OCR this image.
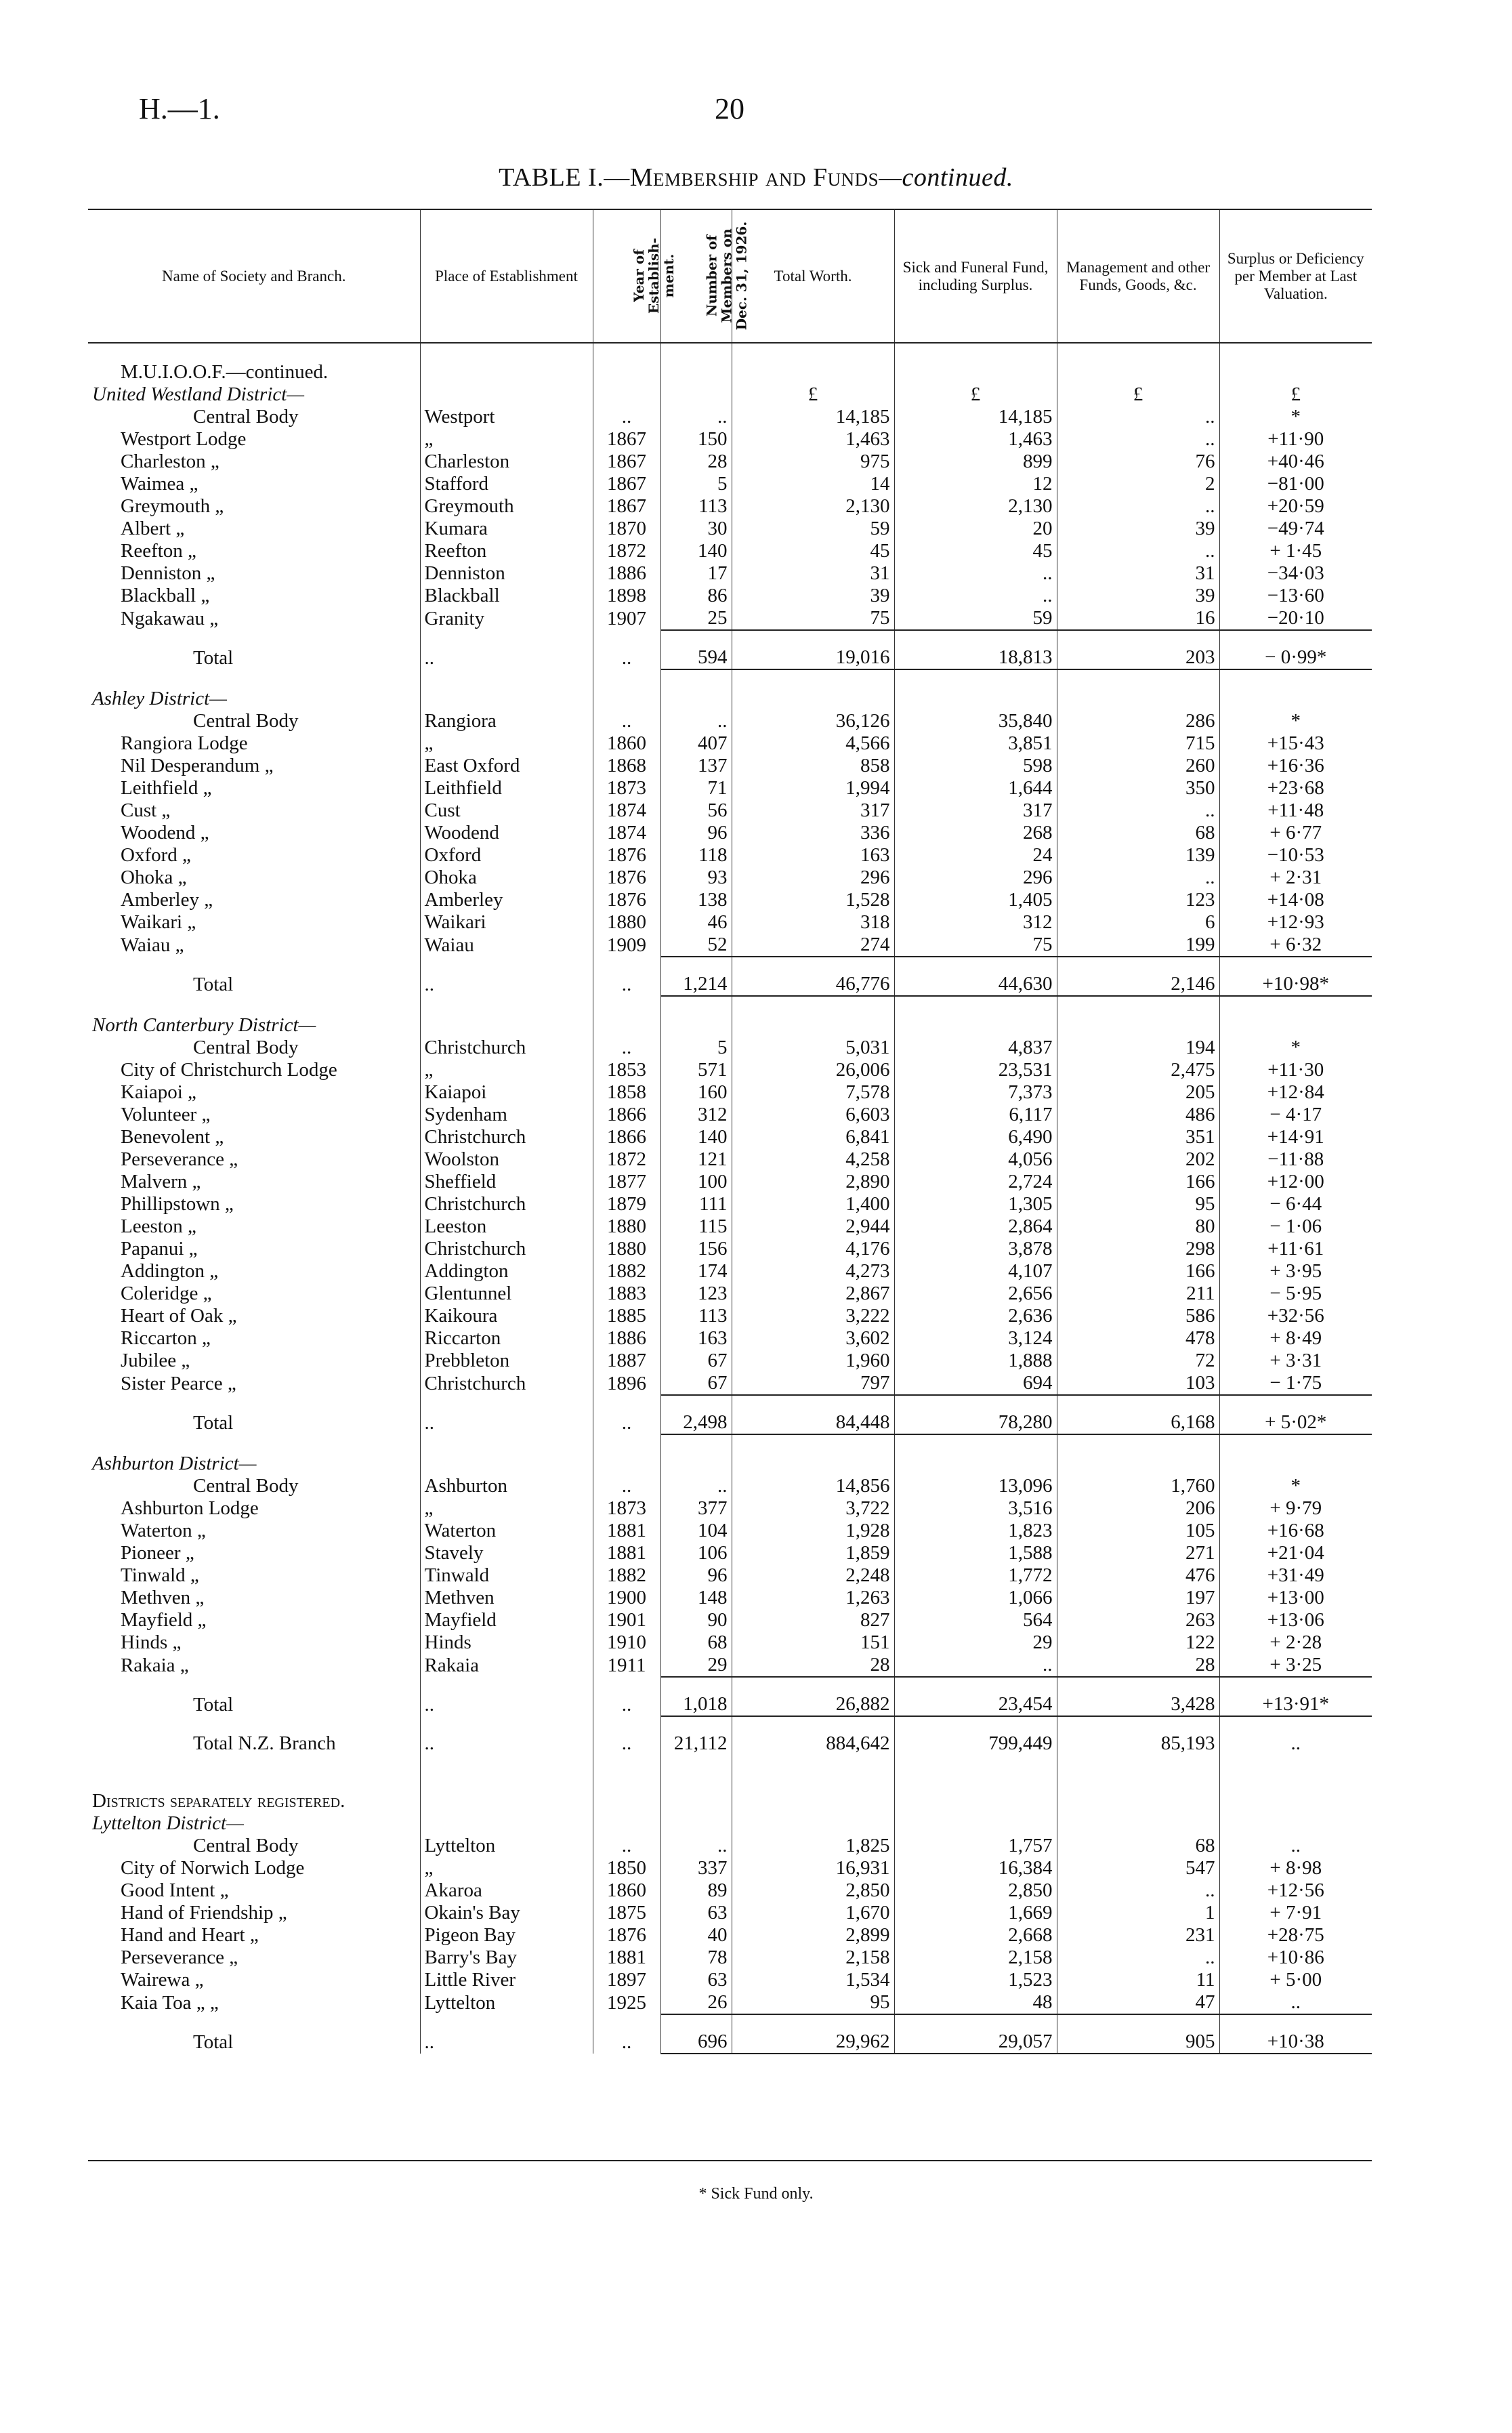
H.—1.	20
TABLE I.—Membership and Funds—continued.
Name of Society and Branch.	Place of Establishment	Year of Establish-ment.	Number of Members on Dec. 31, 1926.	Total Worth.	Sick and Funeral Fund, including Surplus.	Management and other Funds, Goods, &c.	Surplus or Deficiency per Member at Last Valuation.

M.U.I.O.O.F.—continued.							
United Westland District—				£	£	£	£
Central Body	Westport	..	..	14,185	14,185	..	*
Westport Lodge	„	1867	150	1,463	1,463	..	+11·90
Charleston „	Charleston	1867	28	975	899	76	+40·46
Waimea „	Stafford	1867	5	14	12	2	−81·00
Greymouth „	Greymouth	1867	113	2,130	2,130	..	+20·59
Albert „	Kumara	1870	30	59	20	39	−49·74
Reefton „	Reefton	1872	140	45	45	..	+ 1·45
Denniston „	Denniston	1886	17	31	..	31	−34·03
Blackball „	Blackball	1898	86	39	..	39	−13·60
Ngakawau „	Granity	1907	25	75	59	16	−20·10
Total	..	..	594	19,016	18,813	203	− 0·99*

Ashley District—							
Central Body	Rangiora	..	..	36,126	35,840	286	*
Rangiora Lodge	„	1860	407	4,566	3,851	715	+15·43
Nil Desperandum „	East Oxford	1868	137	858	598	260	+16·36
Leithfield „	Leithfield	1873	71	1,994	1,644	350	+23·68
Cust „	Cust	1874	56	317	317	..	+11·48
Woodend „	Woodend	1874	96	336	268	68	+ 6·77
Oxford „	Oxford	1876	118	163	24	139	−10·53
Ohoka „	Ohoka	1876	93	296	296	..	+ 2·31
Amberley „	Amberley	1876	138	1,528	1,405	123	+14·08
Waikari „	Waikari	1880	46	318	312	6	+12·93
Waiau „	Waiau	1909	52	274	75	199	+ 6·32
Total	..	..	1,214	46,776	44,630	2,146	+10·98*

North Canterbury District—							
Central Body	Christchurch	..	5	5,031	4,837	194	*
City of Christchurch Lodge	„	1853	571	26,006	23,531	2,475	+11·30
Kaiapoi „	Kaiapoi	1858	160	7,578	7,373	205	+12·84
Volunteer „	Sydenham	1866	312	6,603	6,117	486	− 4·17
Benevolent „	Christchurch	1866	140	6,841	6,490	351	+14·91
Perseverance „	Woolston	1872	121	4,258	4,056	202	−11·88
Malvern „	Sheffield	1877	100	2,890	2,724	166	+12·00
Phillipstown „	Christchurch	1879	111	1,400	1,305	95	− 6·44
Leeston „	Leeston	1880	115	2,944	2,864	80	− 1·06
Papanui „	Christchurch	1880	156	4,176	3,878	298	+11·61
Addington „	Addington	1882	174	4,273	4,107	166	+ 3·95
Coleridge „	Glentunnel	1883	123	2,867	2,656	211	− 5·95
Heart of Oak „	Kaikoura	1885	113	3,222	2,636	586	+32·56
Riccarton „	Riccarton	1886	163	3,602	3,124	478	+ 8·49
Jubilee „	Prebbleton	1887	67	1,960	1,888	72	+ 3·31
Sister Pearce „	Christchurch	1896	67	797	694	103	− 1·75
Total	..	..	2,498	84,448	78,280	6,168	+ 5·02*

Ashburton District—							
Central Body	Ashburton	..	..	14,856	13,096	1,760	*
Ashburton Lodge	„	1873	377	3,722	3,516	206	+ 9·79
Waterton „	Waterton	1881	104	1,928	1,823	105	+16·68
Pioneer „	Stavely	1881	106	1,859	1,588	271	+21·04
Tinwald „	Tinwald	1882	96	2,248	1,772	476	+31·49
Methven „	Methven	1900	148	1,263	1,066	197	+13·00
Mayfield „	Mayfield	1901	90	827	564	263	+13·06
Hinds „	Hinds	1910	68	151	29	122	+ 2·28
Rakaia „	Rakaia	1911	29	28	..	28	+ 3·25
Total	..	..	1,018	26,882	23,454	3,428	+13·91*
Total N.Z. Branch	..	..	21,112	884,642	799,449	85,193	..

Districts separately registered.							
Lyttelton District—							
Central Body	Lyttelton	..	..	1,825	1,757	68	..
City of Norwich Lodge	„	1850	337	16,931	16,384	547	+ 8·98
Good Intent „	Akaroa	1860	89	2,850	2,850	..	+12·56
Hand of Friendship „	Okain's Bay	1875	63	1,670	1,669	1	+ 7·91
Hand and Heart „	Pigeon Bay	1876	40	2,899	2,668	231	+28·75
Perseverance „	Barry's Bay	1881	78	2,158	2,158	..	+10·86
Wairewa „	Little River	1897	63	1,534	1,523	11	+ 5·00
Kaia Toa „ „	Lyttelton	1925	26	95	48	47	..
Total	..	..	696	29,962	29,057	905	+10·38
* Sick Fund only.
